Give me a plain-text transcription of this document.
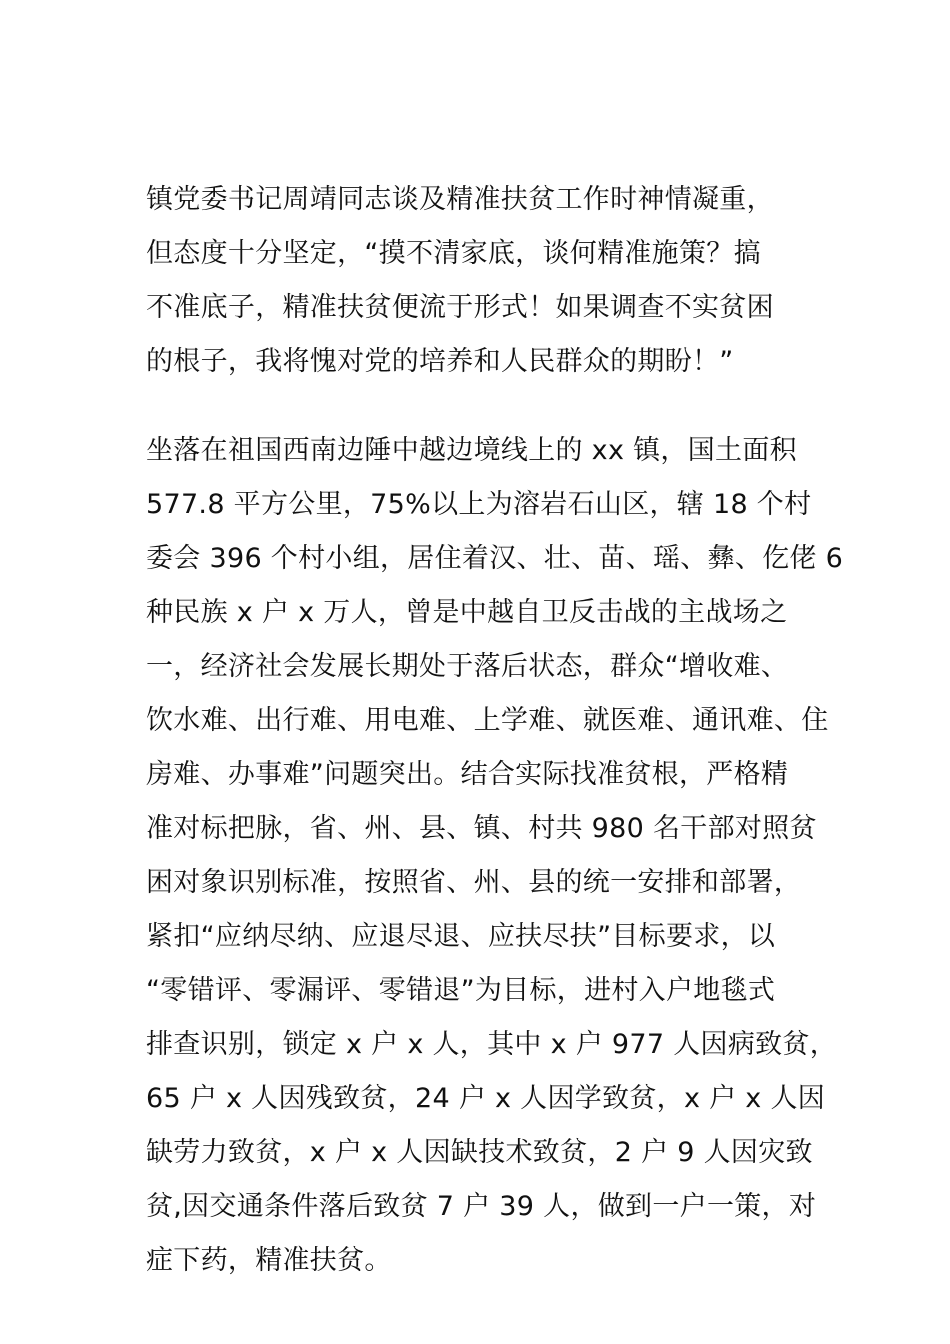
镇党委书记周靖同志谈及精准扶贫工作时神情凝重，
但态度十分坚定，“摸不清家底，谈何精准施策？搞
不准底子，精准扶贫便流于形式！如果调查不实贫困
的根子，我将愧对党的培养和人民群众的期盼！”

坐落在祖国西南边陲中越边境线上的 xx 镇，国土面积
577.8 平方公里，75%以上为溶岩石山区，辖 18 个村
委会 396 个村小组，居住着汉、壮、苗、瑶、彝、仡佬 6
种民族 x 户 x 万人，曾是中越自卫反击战的主战场之
一，经济社会发展长期处于落后状态，群众“增收难、
饮水难、出行难、用电难、上学难、就医难、通讯难、住
房难、办事难”问题突出。结合实际找准贫根，严格精
准对标把脉，省、州、县、镇、村共 980 名干部对照贫
困对象识别标准，按照省、州、县的统一安排和部署，
紧扣“应纳尽纳、应退尽退、应扶尽扶”目标要求，以
“零错评、零漏评、零错退”为目标，进村入户地毯式
排查识别，锁定 x 户 x 人，其中 x 户 977 人因病致贫，
65 户 x 人因残致贫，24 户 x 人因学致贫，x 户 x 人因
缺劳力致贫，x 户 x 人因缺技术致贫，2 户 9 人因灾致
贫,因交通条件落后致贫 7 户 39 人，做到一户一策，对
症下药，精准扶贫。
